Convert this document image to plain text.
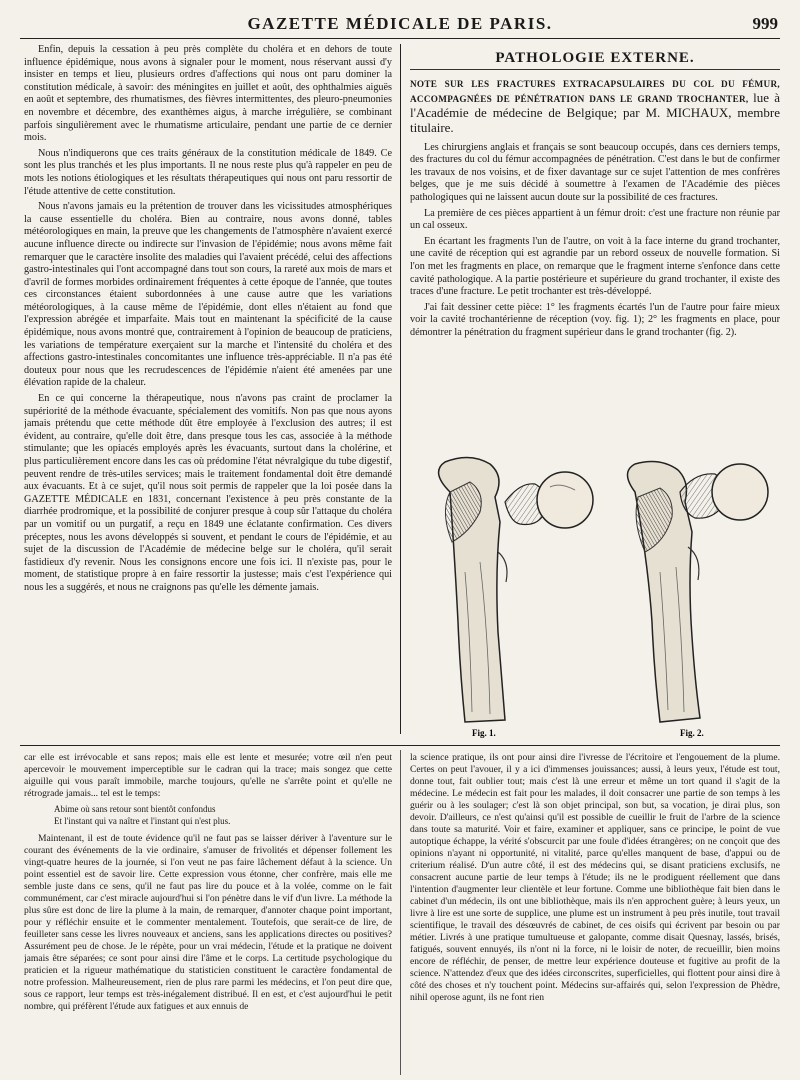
GAZETTE MÉDICALE DE PARIS.	999

Enfin, depuis la cessation à peu près complète du choléra et en dehors de toute influence épidémique, nous avons à signaler pour le moment, nous réservant aussi d'y insister en temps et lieu, plusieurs ordres d'affections qui nous ont paru dominer la constitution médicale, à savoir: des méningites en juillet et août, des ophthalmies aiguës en août et septembre, des rhumatismes, des fièvres intermittentes, des pleuro-pneumonies en novembre et décembre, des exanthèmes aigus, à marche irrégulière, se combinant parfois singulièrement avec le rhumatisme articulaire, pendant une partie de ce dernier mois.

Nous n'indiquerons que ces traits généraux de la constitution médicale de 1849. Ce sont les plus tranchés et les plus importants. Il ne nous reste plus qu'à rappeler en peu de mots les notions étiologiques et les résultats thérapeutiques qui nous ont paru ressortir de l'étude attentive de cette constitution.

Nous n'avons jamais eu la prétention de trouver dans les vicissitudes atmosphériques la cause essentielle du choléra. Bien au contraire, nous avons donné, tables météorologiques en main, la preuve que les changements de l'atmosphère n'avaient exercé aucune influence directe ou indirecte sur l'invasion de l'épidémie; nous avons même fait remarquer que le caractère insolite des maladies qui l'avaient précédé, celui des affections gastro-intestinales qui l'ont accompagné dans tout son cours, la rareté aux mois de mars et d'avril de formes morbides ordinairement fréquentes à cette époque de l'année, que toutes ces circonstances étaient subordonnées à une cause autre que les variations météorologiques, à la cause même de l'épidémie, dont elles n'étaient au fond que l'expression abrégée et imparfaite. Mais tout en maintenant la spécificité de la cause épidémique, nous avons montré que, contrairement à l'opinion de beaucoup de praticiens, les variations de température exerçaient sur la marche et l'intensité du choléra et des affections gastro-intestinales concomitantes une influence très-appréciable. Il n'a pas été douteux pour nous que les recrudescences de l'épidémie n'aient été amenées par une élévation rapide de la chaleur.

En ce qui concerne la thérapeutique, nous n'avons pas craint de proclamer la supériorité de la méthode évacuante, spécialement des vomitifs. Non pas que nous ayons jamais prétendu que cette méthode dût être employée à l'exclusion des autres; il est évident, au contraire, qu'elle doit être, dans presque tous les cas, associée à la méthode stimulante; que les opiacés employés après les évacuants, surtout dans la cholérine, et plus particulièrement encore dans les cas où prédomine l'état névralgique du tube digestif, peuvent rendre de très-utiles services; mais le traitement fondamental doit être demandé aux évacuants. Et à ce sujet, qu'il nous soit permis de rappeler que la loi posée dans la GAZETTE MÉDICALE en 1831, concernant l'existence à peu près constante de la diarrhée prodromique, et la possibilité de conjurer presque à coup sûr l'attaque du choléra par un vomitif ou un purgatif, a reçu en 1849 une éclatante confirmation. Ces divers préceptes, nous les avons développés si souvent, et pendant le cours de l'épidémie, et au sujet de la discussion de l'Académie de médecine belge sur le choléra, qu'il serait fastidieux d'y revenir. Nous les consignons encore une fois ici. Il n'existe pas, pour le moment, de statistique propre à en faire ressortir la justesse; mais c'est l'expérience qui nous les a suggérés, et nous ne craignons pas qu'elle les démente jamais.

PATHOLOGIE EXTERNE.
NOTE SUR LES FRACTURES EXTRACAPSULAIRES DU COL DU FÉMUR, ACCOMPAGNÉES DE PÉNÉTRATION DANS LE GRAND TROCHANTER, lue à l'Académie de médecine de Belgique; par M. MICHAUX, membre titulaire.

Les chirurgiens anglais et français se sont beaucoup occupés, dans ces derniers temps, des fractures du col du fémur accompagnées de pénétration. C'est dans le but de confirmer les travaux de nos voisins, et de fixer davantage sur ce sujet l'attention de mes confrères belges, que je me suis décidé à soumettre à l'examen de l'Académie des pièces pathologiques qui ne laissent aucun doute sur la possibilité de ces fractures.

La première de ces pièces appartient à un fémur droit: c'est une fracture non réunie par un cal osseux.

En écartant les fragments l'un de l'autre, on voit à la face interne du grand trochanter, une cavité de réception qui est agrandie par un rebord osseux de nouvelle formation. Si l'on met les fragments en place, on remarque que le fragment interne s'enfonce dans cette cavité pathologique. A la partie postérieure et supérieure du grand trochanter, il existe des traces d'une fracture. Le petit trochanter est très-développé.

J'ai fait dessiner cette pièce: 1° les fragments écartés l'un de l'autre pour faire mieux voir la cavité trochantérienne de réception (voy. fig. 1); 2° les fragments en place, pour démontrer la pénétration du fragment supérieur dans le grand trochanter (fig. 2).

Fig. 1.	Fig. 2.

car elle est irrévocable et sans repos; mais elle est lente et mesurée; votre œil n'en peut apercevoir le mouvement imperceptible sur le cadran qui la trace; mais songez que cette aiguille qui vous paraît immobile, marche toujours, qu'elle ne s'arrête point et qu'elle ne rétrograde jamais... tel est le temps:

Abime où sans retour sont bientôt confondus
Et l'instant qui va naître et l'instant qui n'est plus.

Maintenant, il est de toute évidence qu'il ne faut pas se laisser dériver à l'aventure sur le courant des événements de la vie ordinaire, s'amuser de frivolités et dépenser follement les vingt-quatre heures de la journée, si l'on veut ne pas faire lâchement défaut à la science. Un point essentiel est de savoir lire. Cette expression vous étonne, cher confrère, mais elle me semble juste dans ce sens, qu'il ne faut pas lire du pouce et à la volée, comme on le fait communément, car c'est miracle aujourd'hui si l'on pénètre dans le vif d'un livre. La méthode la plus sûre est donc de lire la plume à la main, de remarquer, d'annoter chaque point important, pour y réfléchir ensuite et le commenter mentalement. Toutefois, que serait-ce de lire, de feuilleter sans cesse les livres nouveaux et anciens, sans les applications directes ou positives? Assurément peu de chose. Je le répète, pour un vrai médecin, l'étude et la pratique ne doivent jamais être séparées; ce sont pour ainsi dire l'âme et le corps. La certitude psychologique du praticien et la rigueur mathématique du statisticien constituent le caractère fondamental de notre profession. Malheureusement, rien de plus rare parmi les médecins, et l'on peut dire que, sous ce rapport, leur temps est très-inégalement distribué. Il en est, et c'est aujourd'hui le petit nombre, qui préfèrent l'étude aux fatigues et aux ennuis de

la science pratique, ils ont pour ainsi dire l'ivresse de l'écritoire et l'engouement de la plume. Certes on peut l'avouer, il y a ici d'immenses jouissances; aussi, à leurs yeux, l'étude est tout, donne tout, fait oublier tout; mais c'est là une erreur et même un tort quand il s'agit de la médecine. Le médecin est fait pour les malades, il doit consacrer une partie de son temps à les guérir ou à les soulager; c'est là son objet principal, son but, sa vocation, je dirai plus, son devoir. D'ailleurs, ce n'est qu'ainsi qu'il est possible de cueillir le fruit de l'arbre de la science dans toute sa maturité. Voir et faire, examiner et appliquer, sans ce principe, le point de vue autoptique échappe, la vérité s'obscurcit par une foule d'idées étrangères; on ne conçoit que des opinions n'ayant ni opportunité, ni vitalité, parce qu'elles manquent de base, d'appui ou de criterium réalisé. D'un autre côté, il est des médecins qui, se disant praticiens exclusifs, ne consacrent aucune partie de leur temps à l'étude; ils ne le prodiguent réellement que dans l'intention d'augmenter leur clientèle et leur fortune. Comme une bibliothèque fait bien dans le cabinet d'un médecin, ils ont une bibliothèque, mais ils n'en approchent guère; à leurs yeux, un livre à lire est une sorte de supplice, une plume est un instrument à peu près inutile, tout travail scientifique, le travail des désœuvrés de cabinet, de ces oisifs qui écrivent par besoin ou par métier. Livrés à une pratique tumultueuse et galopante, comme disait Quesnay, lassés, brisés, fatigués, souvent ennuyés, ils n'ont ni la force, ni le loisir de noter, de recueillir, bien moins encore de réfléchir, de penser, de mettre leur expérience douteuse et fugitive au profit de la science. N'attendez d'eux que des idées circonscrites, superficielles, qui flottent pour ainsi dire à côté des choses et n'y touchent point. Médecins sur-affairés qui, selon l'expression de Phèdre, nihil operose agunt, ils ne font rien
